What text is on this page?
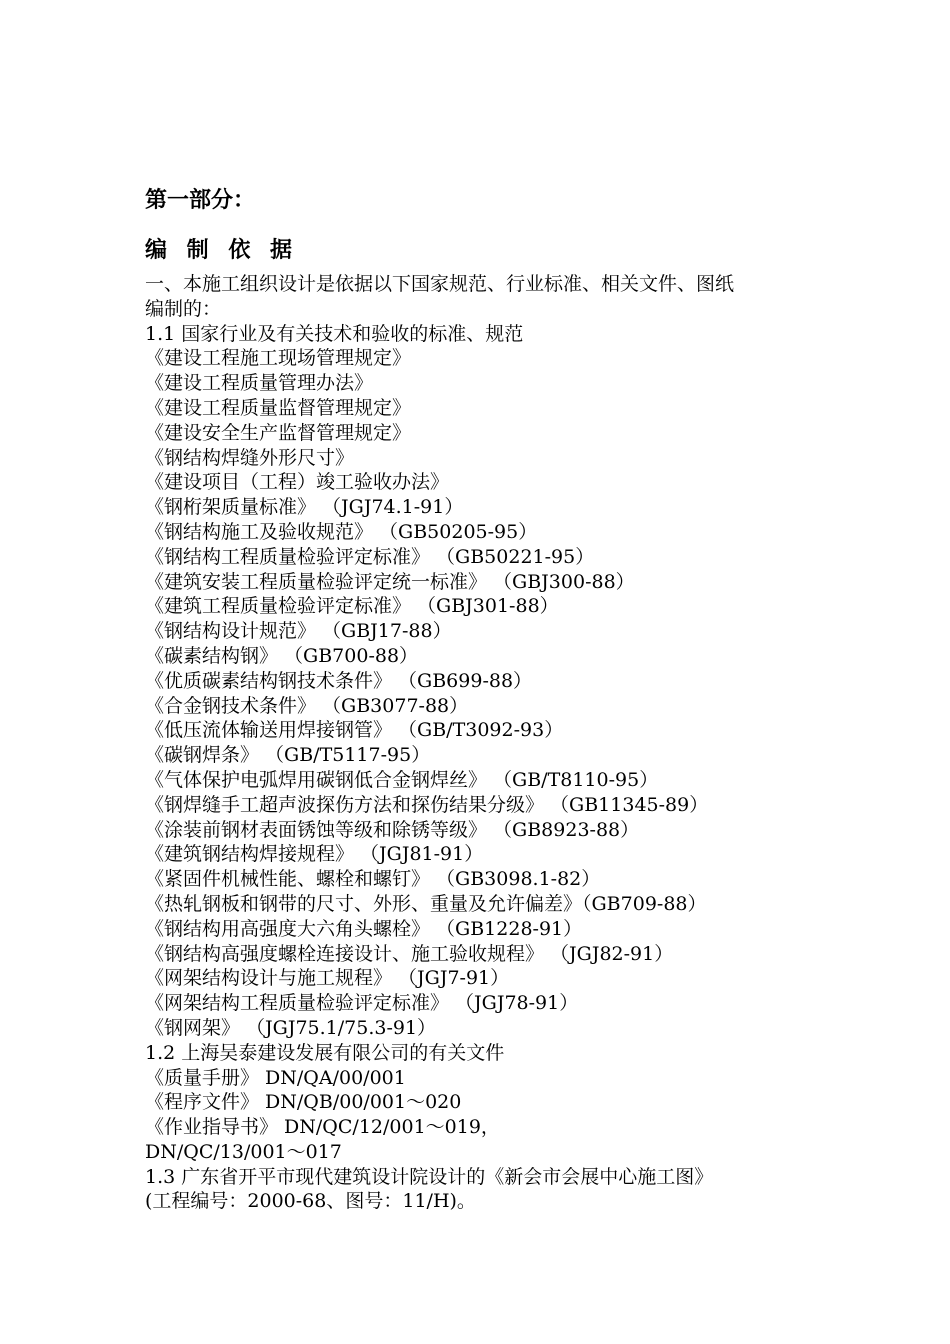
第一部分：
编 制 依 据
一、本施工组织设计是依据以下国家规范、行业标准、相关文件、图纸
编制的：
1.1 国家行业及有关技术和验收的标准、规范
《建设工程施工现场管理规定》
《建设工程质量管理办法》
《建设工程质量监督管理规定》
《建设安全生产监督管理规定》
《钢结构焊缝外形尺寸》
《建设项目（工程）竣工验收办法》
《钢桁架质量标准》 （JGJ74.1-91）
《钢结构施工及验收规范》 （GB50205-95）
《钢结构工程质量检验评定标准》 （GB50221-95）
《建筑安装工程质量检验评定统一标准》 （GBJ300-88）
《建筑工程质量检验评定标准》 （GBJ301-88）
《钢结构设计规范》 （GBJ17-88）
《碳素结构钢》 （GB700-88）
《优质碳素结构钢技术条件》 （GB699-88）
《合金钢技术条件》 （GB3077-88）
《低压流体输送用焊接钢管》 （GB/T3092-93）
《碳钢焊条》 （GB/T5117-95）
《气体保护电弧焊用碳钢低合金钢焊丝》 （GB/T8110-95）
《钢焊缝手工超声波探伤方法和探伤结果分级》 （GB11345-89）
《涂装前钢材表面锈蚀等级和除锈等级》 （GB8923-88）
《建筑钢结构焊接规程》 （JGJ81-91）
《紧固件机械性能、螺栓和螺钉》 （GB3098.1-82）
《热轧钢板和钢带的尺寸、外形、重量及允许偏差》（GB709-88）
《钢结构用高强度大六角头螺栓》 （GB1228-91）
《钢结构高强度螺栓连接设计、施工验收规程》 （JGJ82-91）
《网架结构设计与施工规程》 （JGJ7-91）
《网架结构工程质量检验评定标准》 （JGJ78-91）
《钢网架》 （JGJ75.1/75.3-91）
1.2 上海吴泰建设发展有限公司的有关文件
《质量手册》 DN/QA/00/001
《程序文件》 DN/QB/00/001～020
《作业指导书》 DN/QC/12/001～019，
DN/QC/13/001～017
1.3 广东省开平市现代建筑设计院设计的《新会市会展中心施工图》
(工程编号：2000-68、图号：11/H)。
